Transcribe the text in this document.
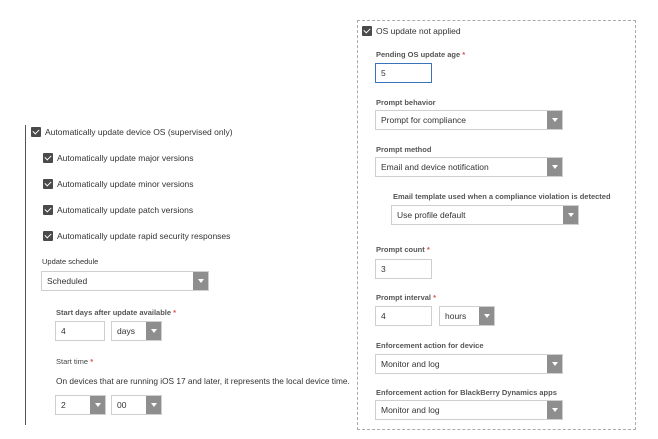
Automatically update device OS (supervised only)
Automatically update major versions
Automatically update minor versions
Automatically update patch versions
Automatically update rapid security responses
Update schedule
Scheduled
Start days after update available *
4	days
Start time *
On devices that are running iOS 17 and later, it represents the local device time.
2	00
OS update not applied
Pending OS update age *
5
Prompt behavior
Prompt for compliance
Prompt method
Email and device notification
Email template used when a compliance violation is detected
Use profile default
Prompt count *
3
Prompt interval *
4	hours
Enforcement action for device
Monitor and log
Enforcement action for BlackBerry Dynamics apps
Monitor and log
